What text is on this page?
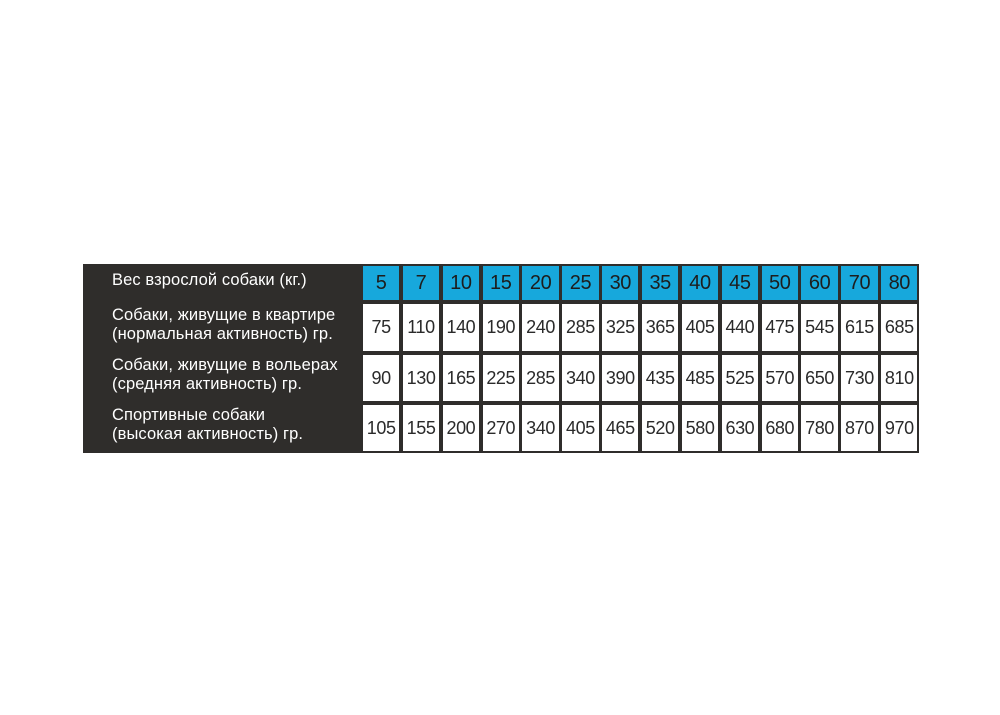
Вес взрослой собаки (кг.)
Собаки, живущие в квартире
(нормальная активность) гр.
Собаки, живущие в вольерах
(средняя активность) гр.
Спортивные собаки
(высокая активность) гр.
5	7	10 15 20 25 30 35 40 45 50 60 70 80
75 110 140 190 240 285 325 365 405 440 475 545 615 685
90 130 165 225 285 340 390 435 485 525 570 650 730 810
105 155 200 270 340 405 465 520 580 630 680 780 870 970
